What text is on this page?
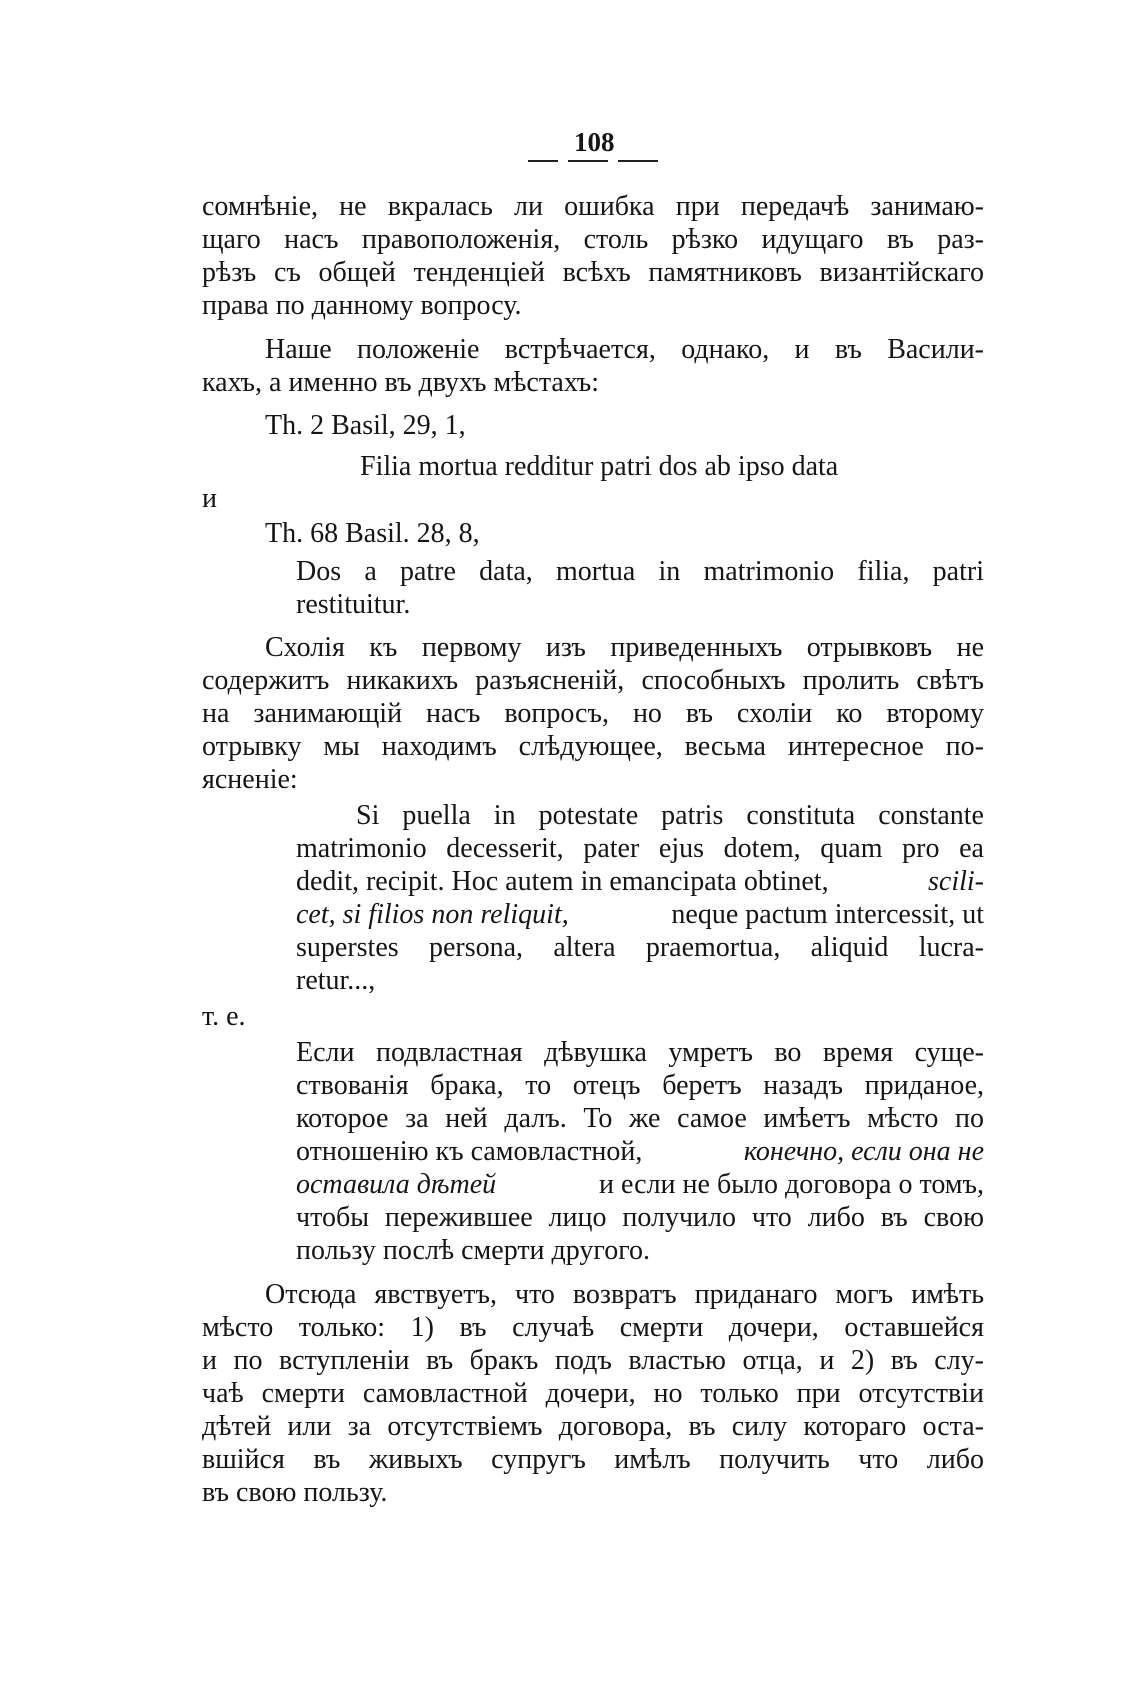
108
сомнѣніе, не вкралась ли ошибка при передачѣ занимаю-
щаго насъ правоположенія, столь рѣзко идущаго въ раз-
рѣзъ съ общей тенденціей всѣхъ памятниковъ византійскаго
права по данному вопросу.
Наше положеніе встрѣчается, однако, и въ Васили-
кахъ, а именно въ двухъ мѣстахъ:
Th. 2 Basil, 29, 1,
Filia mortua redditur patri dos ab ipso data
и
Th. 68 Basil. 28, 8,
Dos a patre data, mortua in matrimonio filia, patri
restituitur.
Схолія къ первому изъ приведенныхъ отрывковъ не
содержитъ никакихъ разъясненій, способныхъ пролить свѣтъ
на занимающій насъ вопросъ, но въ схоліи ко второму
отрывку мы находимъ слѣдующее, весьма интересное по-
ясненіе:
Si puella in potestate patris constituta constante
matrimonio decesserit, pater ejus dotem, quam pro ea
dedit, recipit. Hoc autem in emancipata obtinet,	scili-
cet, si filios non reliquit,	neque pactum intercessit, ut
superstes persona, altera praemortua, aliquid lucra-
retur...,
т. е.
Если подвластная дѣвушка умретъ во время суще-
ствованія брака, то отецъ беретъ назадъ приданое,
которое за ней далъ. То же самое имѣетъ мѣсто по
отношенію къ самовластной,	конечно, если она не
оставила дѣтей	и если не было договора о томъ,
чтобы пережившее лицо получило что либо въ свою
пользу послѣ смерти другого.
Отсюда явствуетъ, что возвратъ приданаго могъ имѣть
мѣсто только: 1) въ случаѣ смерти дочери, оставшейся
и по вступленіи въ бракъ подъ властью отца, и 2) въ слу-
чаѣ смерти самовластной дочери, но только при отсутствіи
дѣтей или за отсутствіемъ договора, въ силу котораго оста-
вшійся въ живыхъ супругъ имѣлъ получить что либо
въ свою пользу.
